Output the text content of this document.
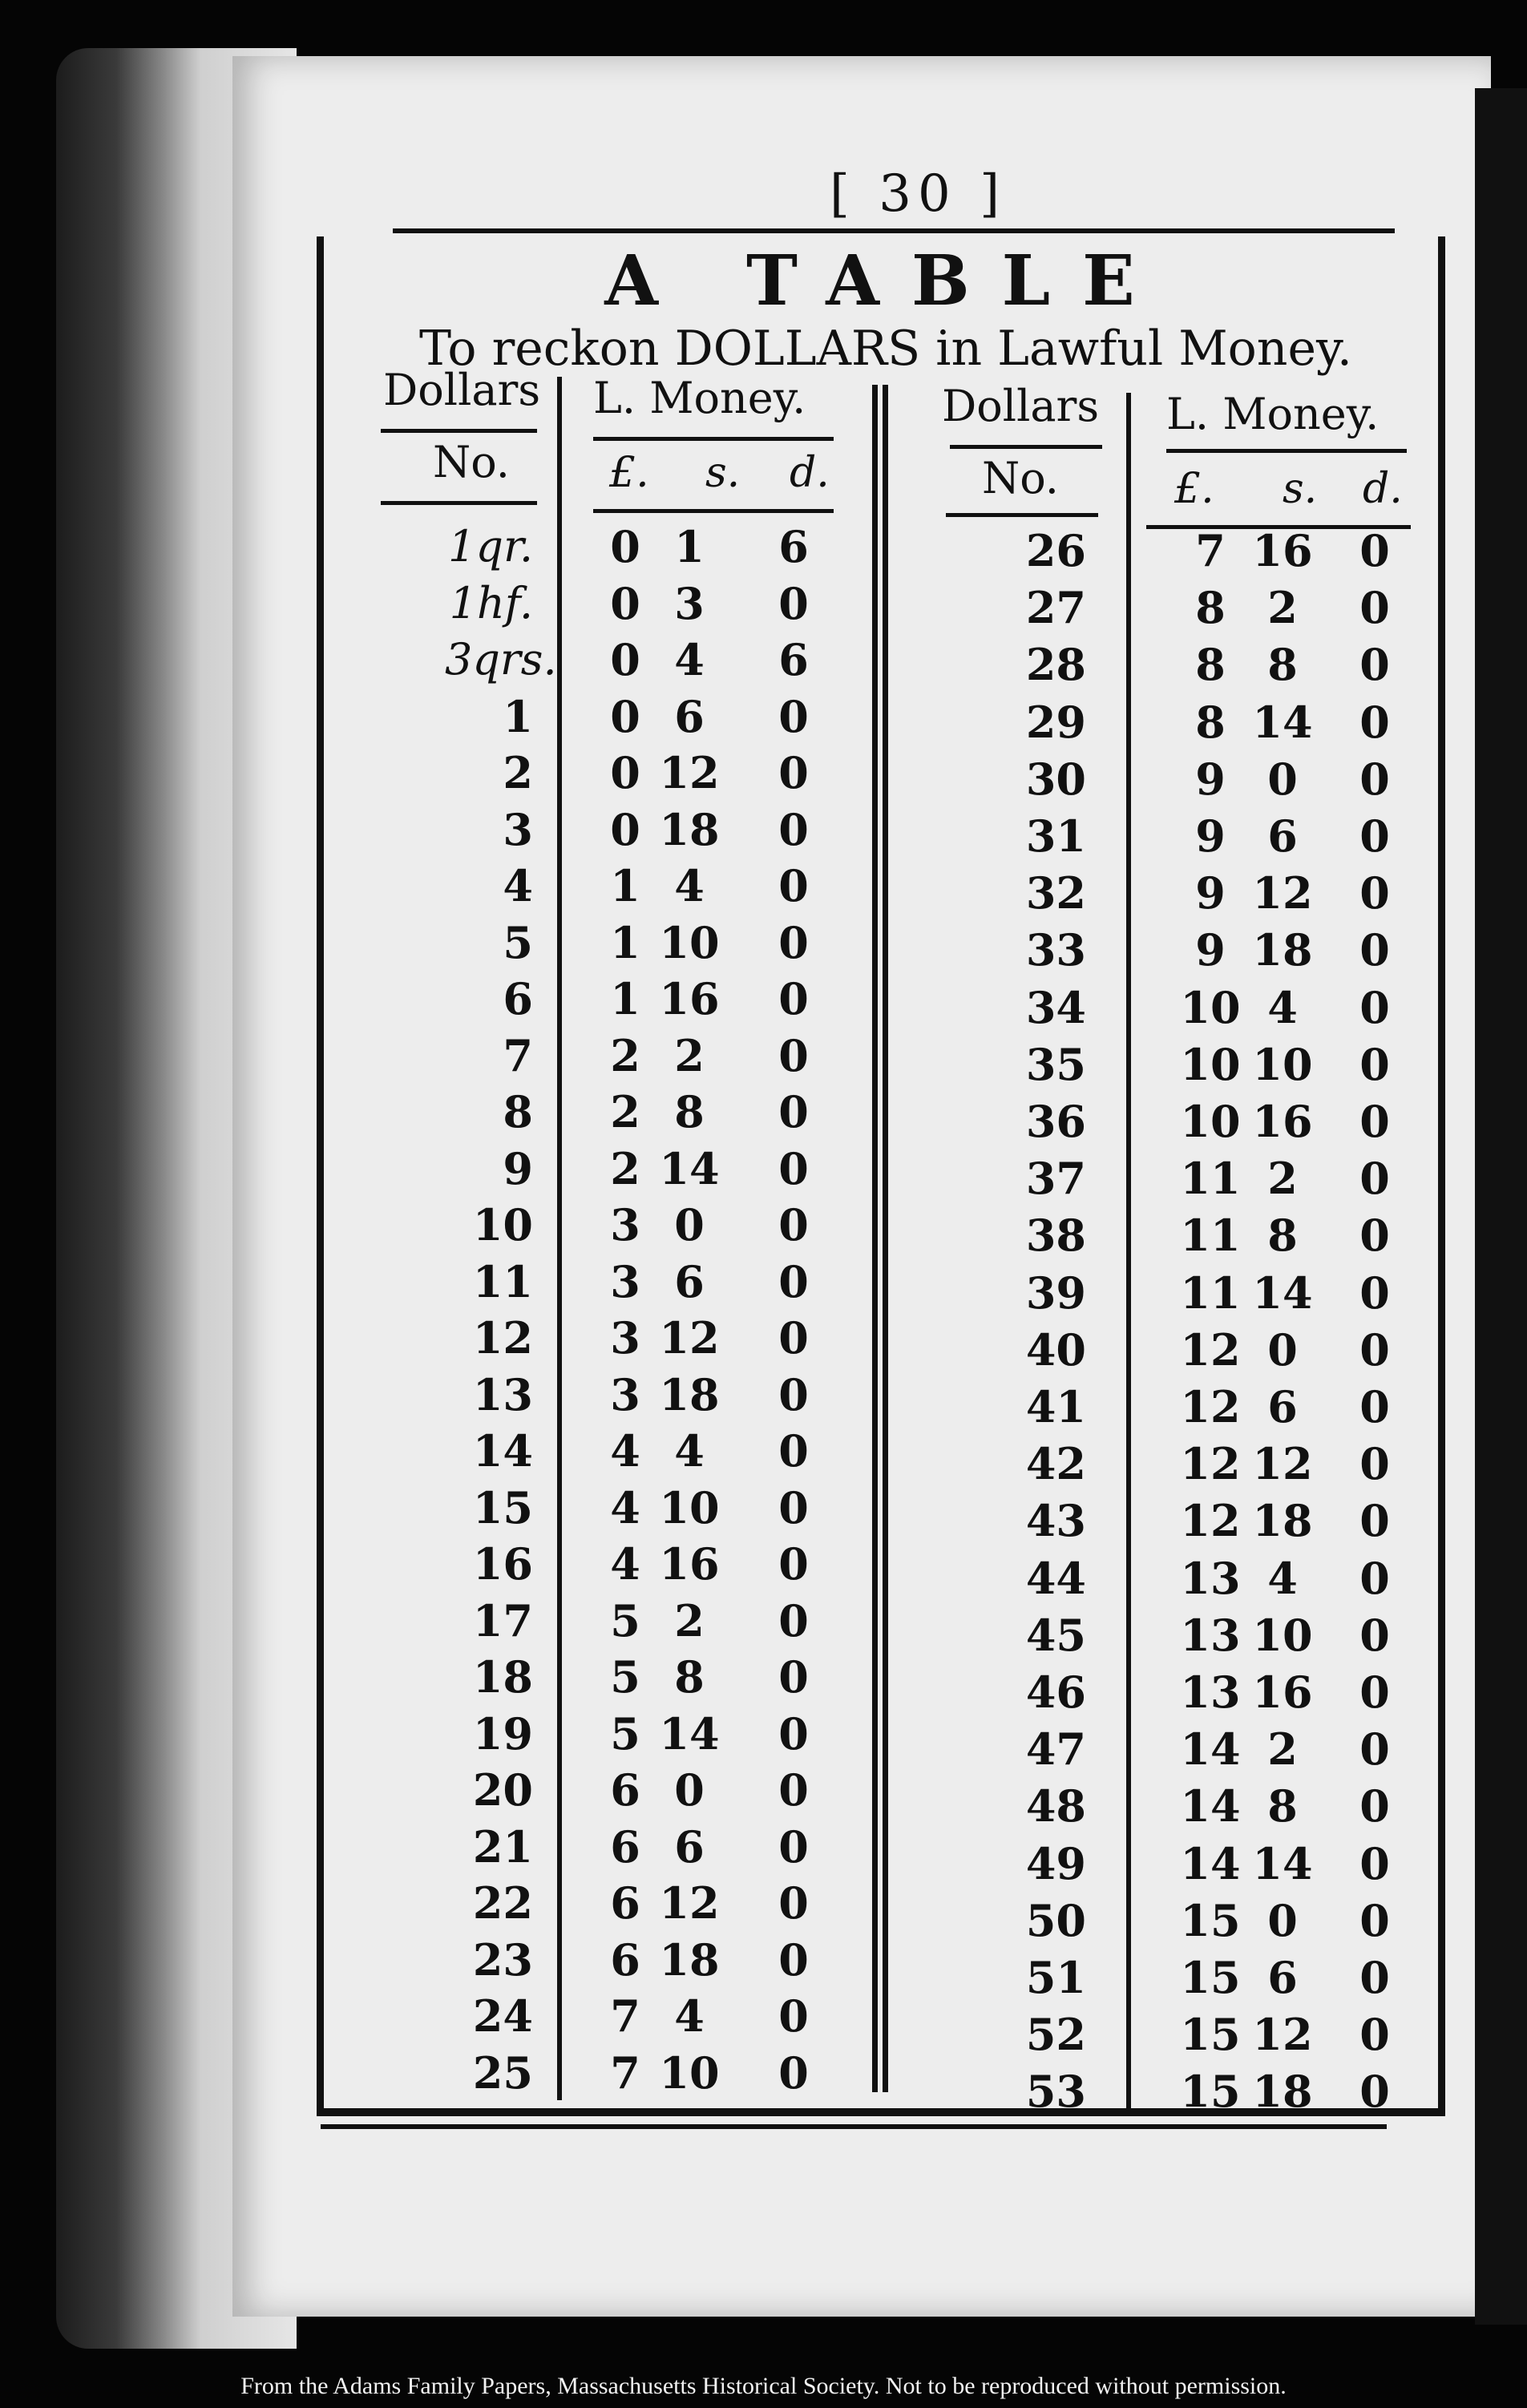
[ 30 ]
A TABLE
To reckon DOLLARS in Lawful Money.
Dollars L. Money.
No. £. s. d.
Dollars L. Money.
No.	£. s. d.
1qr.	0 1	6
1hf.	0 3	0
3qrs.	0 4	6
1	0 6	0
2	0 12	0
3	0 18	0
4	1 4	0
5	1 10	0
6	1 16	0
7	2 2	0
8	2 8	0
9	2 14	0
10	3 0	0
11	3 6	0
12	3 12	0
13	3 18	0
14	4 4	0
15	4 10	0
16	4 16	0
17	5 2	0
18	5 8	0
19	5 14	0
20	6 0	0
21	6 6	0
22	6 12	0
23	6 18	0
24	7 4	0
25	7 10	0
26	7 16	0
27	8 2	0
28	8 8	0
29	8 14	0
30	9 0	0
31	9 6	0
32	9 12	0
33	9 18	0
34	10 4	0
35	10 10	0
36	10 16	0
37	11 2	0
38	11 8	0
39	11 14	0
40	12 0	0
41	12 6	0
42	12 12	0
43	12 18	0
44	13 4	0
45	13 10	0
46	13 16	0
47	14 2	0
48	14 8	0
49	14 14	0
50	15 0	0
51	15 6	0
52	15 12	0
53	15 18	0
From the Adams Family Papers, Massachusetts Historical Society. Not to be reproduced without permission.
